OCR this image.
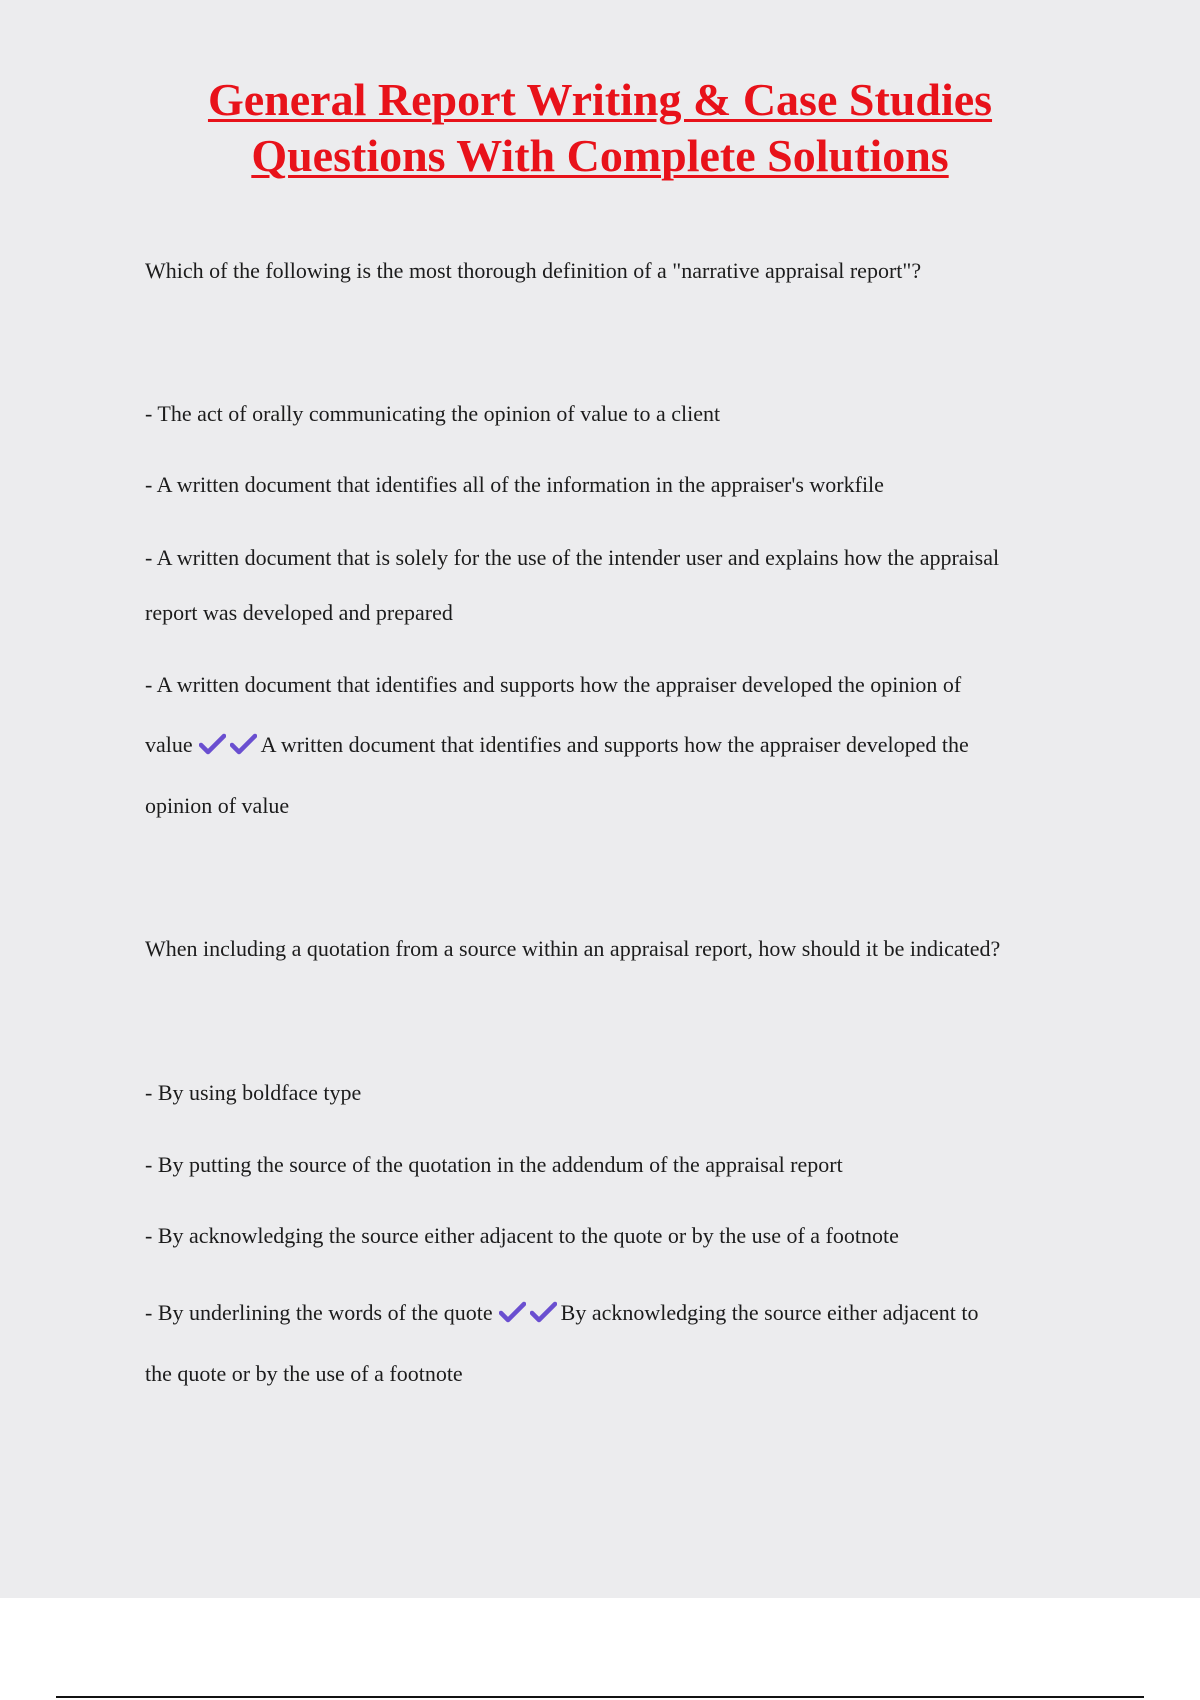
General Report Writing & Case Studies
Questions With Complete Solutions
Which of the following is the most thorough definition of a "narrative appraisal report"?
- The act of orally communicating the opinion of value to a client
- A written document that identifies all of the information in the appraiser's workfile
- A written document that is solely for the use of the intender user and explains how the appraisal
report was developed and prepared
- A written document that identifies and supports how the appraiser developed the opinion of
value	A written document that identifies and supports how the appraiser developed the
opinion of value
When including a quotation from a source within an appraisal report, how should it be indicated?
- By using boldface type
- By putting the source of the quotation in the addendum of the appraisal report
- By acknowledging the source either adjacent to the quote or by the use of a footnote
- By underlining the words of the quote	By acknowledging the source either adjacent to
the quote or by the use of a footnote
